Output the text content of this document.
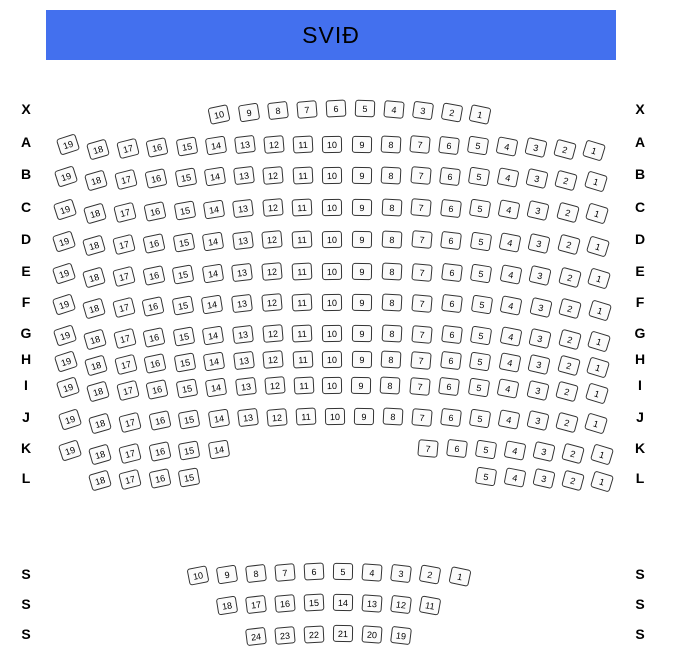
SVIÐ
X	X
10	9	8	7	6	5	4	3	2	1
A	A
19	18	17	16	15	14	13	12	11	10	9	8	7	6	5	4	3	2	1
B	B
19	18	17	16	15	14	13	12	11	10	9	8	7	6	5	4	3	2	1
C	C
19	18	17	16	15	14	13	12	11	10	9	8	7	6	5	4	3	2	1
D	D
19	18	17	16	15	14	13	12	11	10	9	8	7	6	5	4	3	2	1
E	E
19	18	17	16	15	14	13	12	11	10	9	8	7	6	5	4	3	2	1
F	F
19	18	17	16	15	14	13	12	11	10	9	8	7	6	5	4	3	2	1
G	G
19	18	17	16	15	14	13	12	11	10	9	8	7	6	5	4	3	2	1
H	H
19	18	17	16	15	14	13	12	11	10	9	8	7	6	5	4	3	2	1
I	I
19	18	17	16	15	14	13	12	11	10	9	8	7	6	5	4	3	2	1
J	J
19	18	17	16	15	14	13	12	11	10	9	8	7	6	5	4	3	2	1
K	K
19	18	17	16	15	14	7	6	5	4	3	2	1
L	L
18	17	16	15	5	4	3	2	1
S	S
10	9	8	7	6	5	4	3	2	1
S	S
18	17	16	15	14	13	12	11
S	S
24	23	22	21	20	19
